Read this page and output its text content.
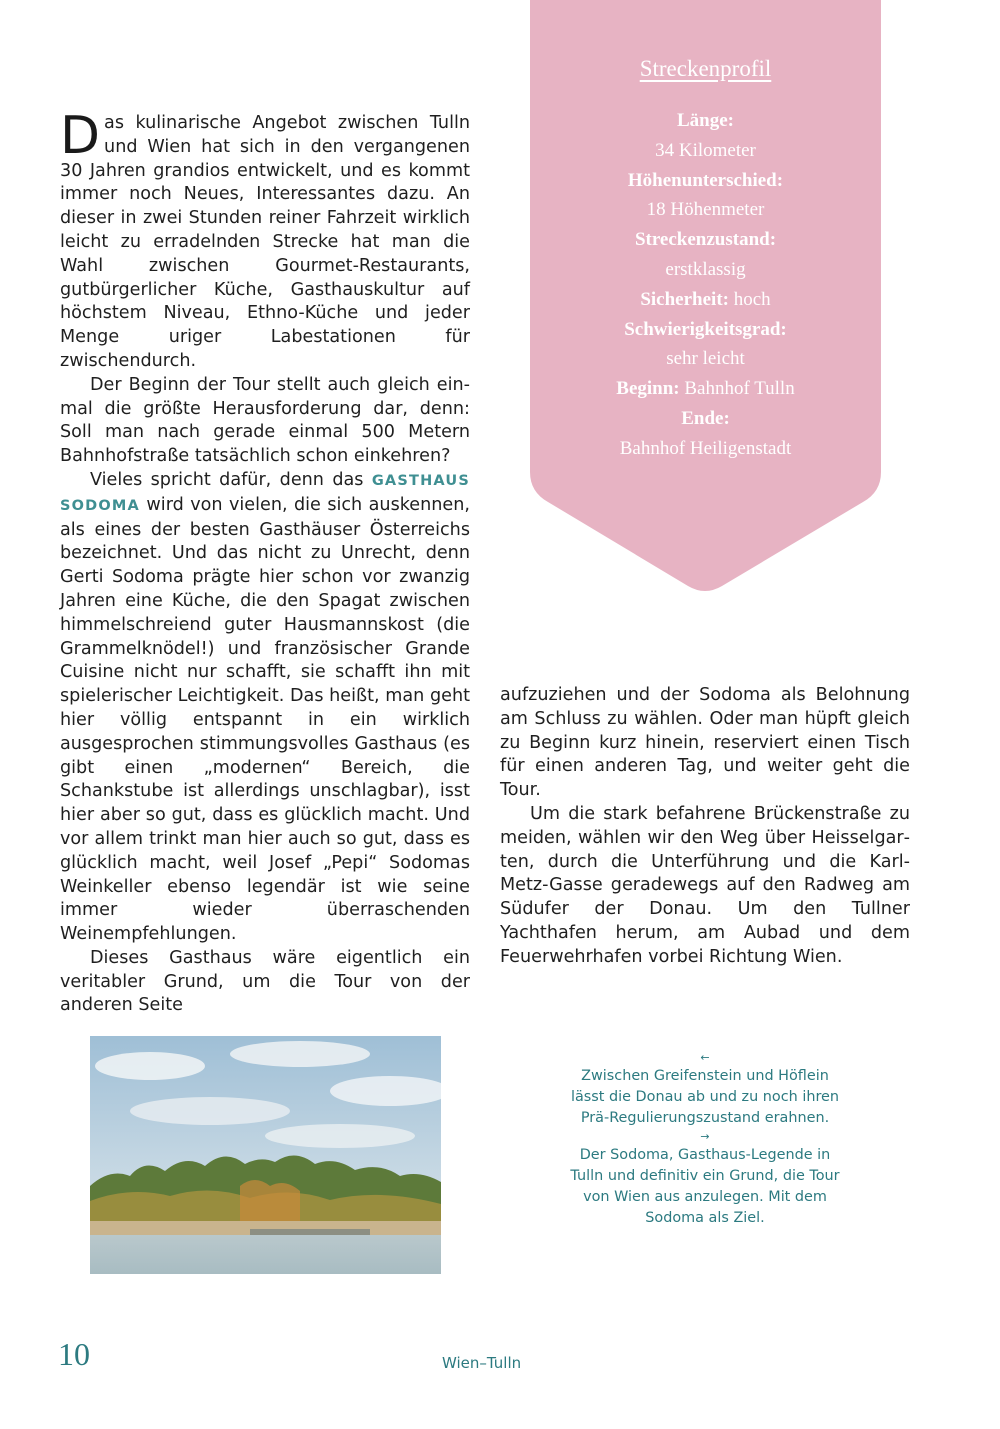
Das kulinarische Angebot zwischen Tulln und Wien hat sich in den vergangenen 30 Jahren grandios entwickelt, und es kommt immer noch Neues, Interessantes dazu. An dieser in zwei Stunden reiner Fahrzeit wirklich leicht zu erradelnden Strecke hat man die Wahl zwischen Gourmet-Restaurants, gutbürgerlicher Küche, Gasthauskultur auf höchstem Niveau, Ethno-Küche und jeder Menge uriger Labestationen für zwischendurch.

Der Beginn der Tour stellt auch gleich einmal die größte Herausforderung dar, denn: Soll man nach gerade einmal 500 Metern Bahnhofstraße tatsächlich schon einkehren?

Vieles spricht dafür, denn das GASTHAUS SODOMA wird von vielen, die sich auskennen, als eines der besten Gasthäuser Österreichs bezeichnet. Und das nicht zu Unrecht, denn Gerti Sodoma prägte hier schon vor zwanzig Jahren eine Küche, die den Spagat zwischen himmelschreiend guter Hausmannskost (die Grammelknödel!) und französischer Grande Cuisine nicht nur schafft, sie schafft ihn mit spielerischer Leichtigkeit. Das heißt, man geht hier völlig entspannt in ein wirklich ausgesprochen stimmungsvolles Gasthaus (es gibt einen „modernen“ Bereich, die Schankstube ist allerdings unschlagbar), isst hier aber so gut, dass es glücklich macht. Und vor allem trinkt man hier auch so gut, dass es glücklich macht, weil Josef „Pepi“ Sodomas Weinkeller ebenso legendär ist wie seine immer wieder überraschenden Weinempfehlungen.

Dieses Gasthaus wäre eigentlich ein veritabler Grund, um die Tour von der anderen Seite

aufzuziehen und der Sodoma als Belohnung am Schluss zu wählen. Oder man hüpft gleich zu Beginn kurz hinein, reserviert einen Tisch für einen anderen Tag, und weiter geht die Tour.

Um die stark befahrene Brückenstraße zu meiden, wählen wir den Weg über Heisselgarten, durch die Unterführung und die Karl-Metz-Gasse geradewegs auf den Radweg am Südufer der Donau. Um den Tullner Yachthafen herum, am Aubad und dem Feuerwehrhafen vorbei Richtung Wien.

Streckenprofil
Länge:
34 Kilometer
Höhenunterschied:
18 Höhenmeter
Streckenzustand:
erstklassig
Sicherheit: hoch
Schwierigkeitsgrad:
sehr leicht
Beginn: Bahnhof Tulln
Ende:
Bahnhof Heiligenstadt
←
Zwischen Greifenstein und Höflein lässt die Donau ab und zu noch ihren Prä-Regulierungszustand erahnen.
→
Der Sodoma, Gasthaus-Legende in Tulln und definitiv ein Grund, die Tour von Wien aus anzulegen. Mit dem Sodoma als Ziel.
10	Wien–Tulln
